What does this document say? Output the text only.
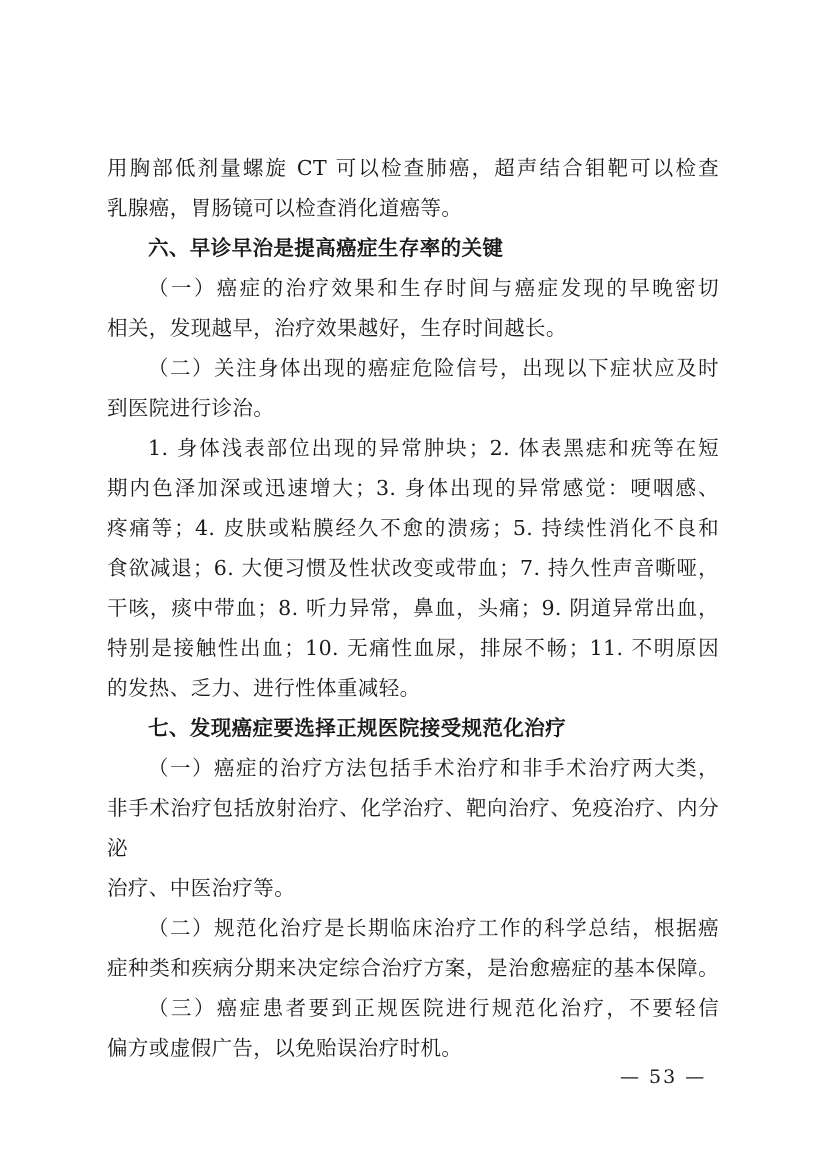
用胸部低剂量螺旋 CT 可以检查肺癌，超声结合钼靶可以检查

乳腺癌，胃肠镜可以检查消化道癌等。

六、早诊早治是提高癌症生存率的关键

（一）癌症的治疗效果和生存时间与癌症发现的早晚密切

相关，发现越早，治疗效果越好，生存时间越长。

（二）关注身体出现的癌症危险信号，出现以下症状应及时

到医院进行诊治。

1. 身体浅表部位出现的异常肿块；2. 体表黑痣和疣等在短

期内色泽加深或迅速增大；3. 身体出现的异常感觉：哽咽感、

疼痛等；4. 皮肤或粘膜经久不愈的溃疡；5. 持续性消化不良和

食欲减退；6. 大便习惯及性状改变或带血；7. 持久性声音嘶哑，

干咳，痰中带血；8. 听力异常，鼻血，头痛；9. 阴道异常出血，

特别是接触性出血；10. 无痛性血尿，排尿不畅；11. 不明原因

的发热、乏力、进行性体重减轻。

七、发现癌症要选择正规医院接受规范化治疗

（一）癌症的治疗方法包括手术治疗和非手术治疗两大类，

非手术治疗包括放射治疗、化学治疗、靶向治疗、免疫治疗、内分泌

治疗、中医治疗等。

（二）规范化治疗是长期临床治疗工作的科学总结，根据癌

症种类和疾病分期来决定综合治疗方案，是治愈癌症的基本保障。

（三）癌症患者要到正规医院进行规范化治疗，不要轻信

偏方或虚假广告，以免贻误治疗时机。

— 53 —
